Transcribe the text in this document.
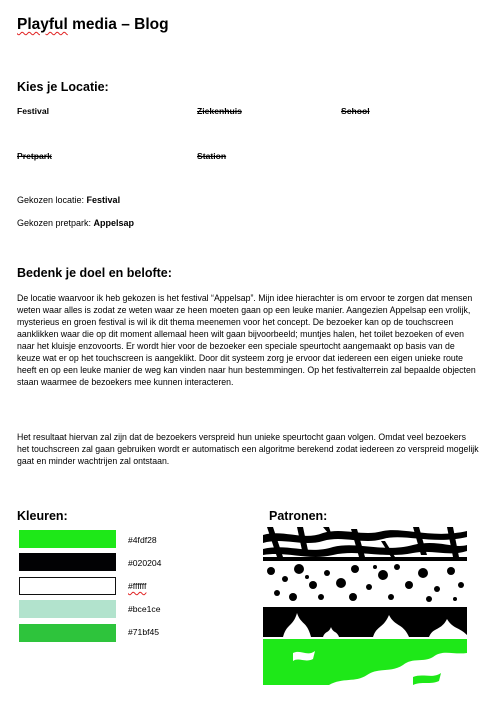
Playful media – Blog
Kies je Locatie:
Festival	Ziekenhuis	School
Pretpark	Station
Gekozen locatie: Festival
Gekozen pretpark: Appelsap
Bedenk je doel en belofte:

De locatie waarvoor ik heb gekozen is het festival “Appelsap”. Mijn idee hierachter is om ervoor te zorgen dat mensen weten waar alles is zodat ze weten waar ze heen moeten gaan op een leuke manier. Aangezien Appelsap een vrolijk, mysterieus en groen festival is wil ik dit thema meenemen voor het concept. De bezoeker kan op de touchscreen aanklikken waar die op dit moment allemaal heen wilt gaan bijvoorbeeld; muntjes halen, het toilet bezoeken of even naar het kluisje enzovoorts. Er wordt hier voor de bezoeker een speciale speurtocht aangemaakt op basis van de keuze wat er op het touchscreen is aangeklikt. Door dit systeem zorg je ervoor dat iedereen een eigen unieke route heeft en op een leuke manier de weg kan vinden naar hun bestemmingen. Op het festivalterrein zal bepaalde objecten staan waarmee de bezoekers mee kunnen interacteren.

Het resultaat hiervan zal zijn dat de bezoekers verspreid hun unieke speurtocht gaan volgen. Omdat veel bezoekers het touchscreen zal gaan gebruiken wordt er automatisch een algoritme berekend zodat iedereen zo verspreid mogelijk gaat en minder wachtrijen zal ontstaan.

Kleuren:
#4fdf28
#020204
#ffffff
#bce1ce
#71bf45
Patronen:
